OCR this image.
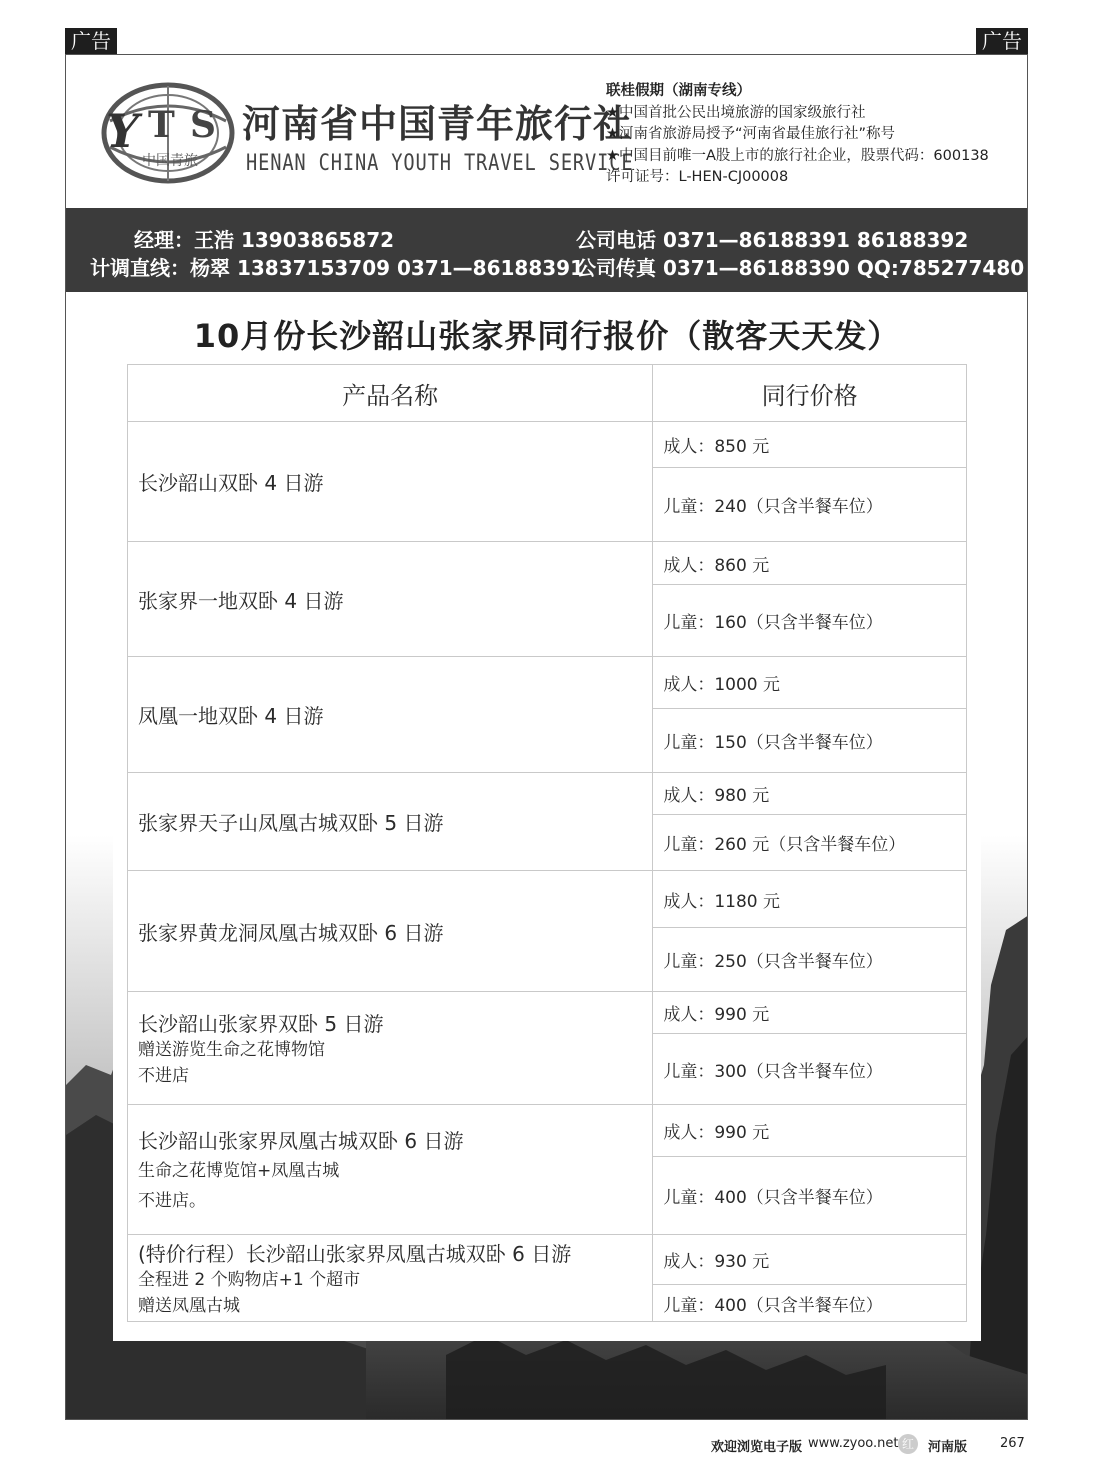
广告	广告
Y T S
中国青旅
河南省中国青年旅行社
HENAN CHINA YOUTH TRAVEL SERVICE
联桂假期（湖南专线）
★中国首批公民出境旅游的国家级旅行社
★河南省旅游局授予“河南省最佳旅行社”称号
★中国目前唯一A股上市的旅行社企业，股票代码：600138
许可证号：L-HEN-CJ00008
经理：王浩 13903865872
计调直线：杨翠 13837153709 0371—86188391
公司电话 0371—86188391 86188392
公司传真 0371—86188390 QQ:785277480
10月份长沙韶山张家界同行报价（散客天天发）
产品名称	同行价格

长沙韶山双卧 4 日游	成人：850 元
	儿童：240（只含半餐车位）

张家界一地双卧 4 日游	成人：860 元
	儿童：160（只含半餐车位）

凤凰一地双卧 4 日游	成人：1000 元
	儿童：150（只含半餐车位）

张家界天子山凤凰古城双卧 5 日游	成人：980 元
	儿童：260 元（只含半餐车位）

张家界黄龙洞凤凰古城双卧 6 日游	成人：1180 元
	儿童：250（只含半餐车位）

长沙韶山张家界双卧 5 日游
赠送游览生命之花博物馆
不进店	成人：990 元
	儿童：300（只含半餐车位）

长沙韶山张家界凤凰古城双卧 6 日游
生命之花博览馆+凤凰古城
不进店。	成人：990 元
	儿童：400（只含半餐车位）

(特价行程）长沙韶山张家界凤凰古城双卧 6 日游
全程进 2 个购物店+1 个超市
赠送凤凰古城	成人：930 元
	儿童：400（只含半餐车位）
欢迎浏览电子版 www.zyoo.net 红	河南版	267
